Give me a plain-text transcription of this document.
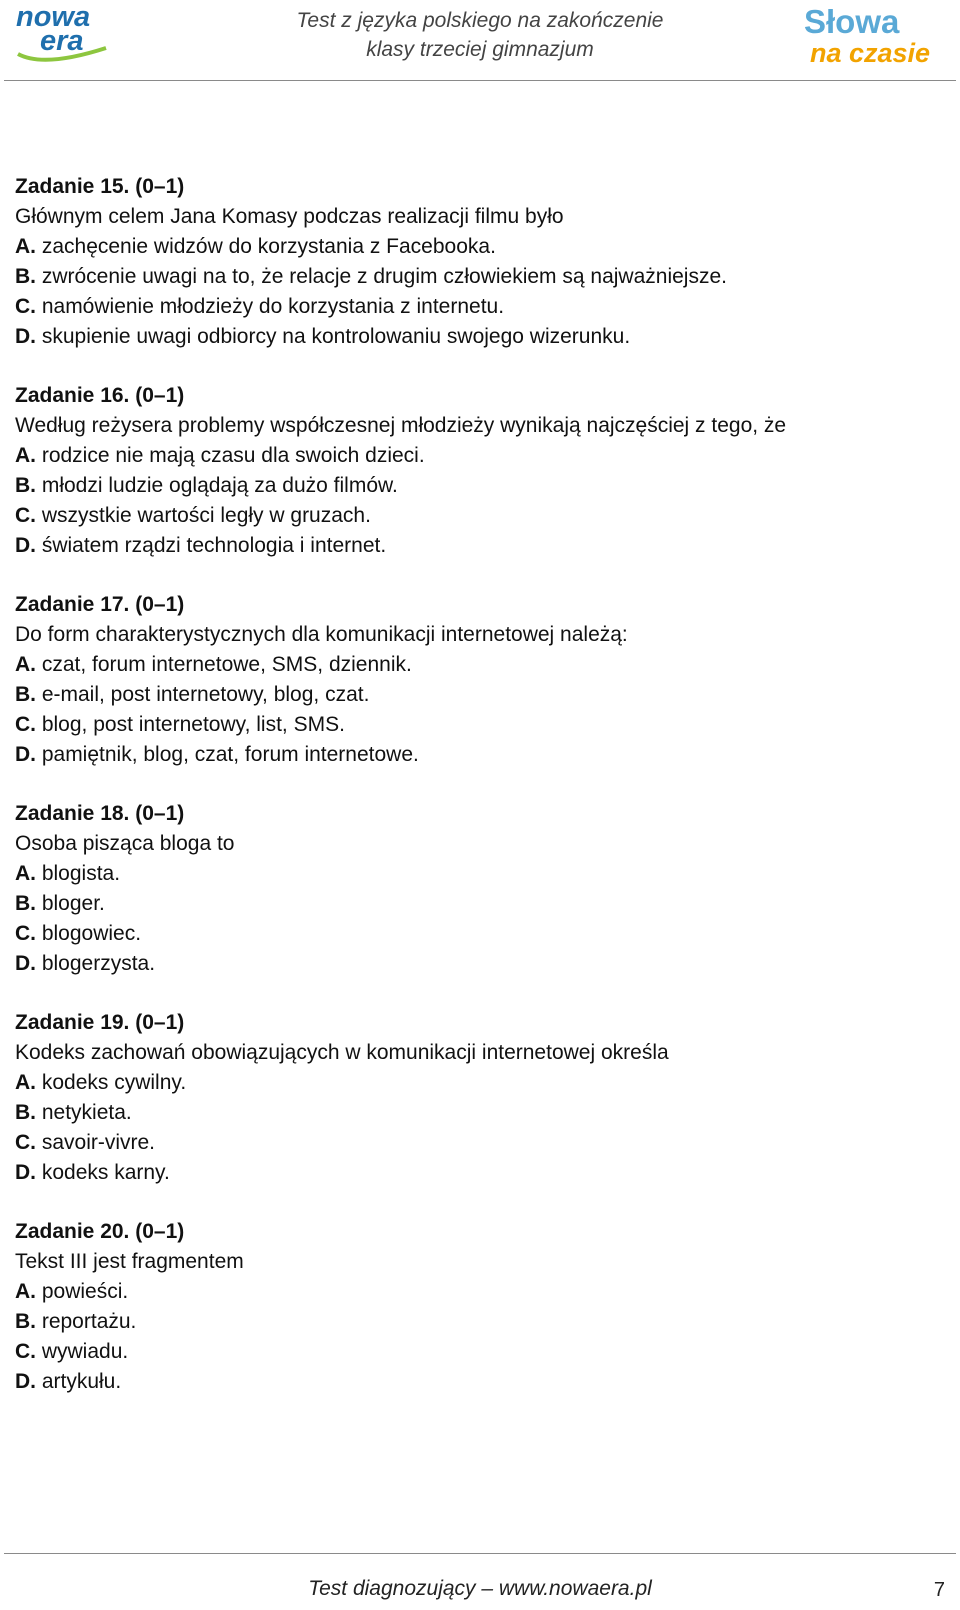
nowa
era
Test z języka polskiego na zakończenie
klasy trzeciej gimnazjum
Słowa
na czasie
Zadanie 15. (0–1)
Głównym celem Jana Komasy podczas realizacji filmu było
A. zachęcenie widzów do korzystania z Facebooka.
B. zwrócenie uwagi na to, że relacje z drugim człowiekiem są najważniejsze.
C. namówienie młodzieży do korzystania z internetu.
D. skupienie uwagi odbiorcy na kontrolowaniu swojego wizerunku.
Zadanie 16. (0–1)
Według reżysera problemy współczesnej młodzieży wynikają najczęściej z tego, że
A. rodzice nie mają czasu dla swoich dzieci.
B. młodzi ludzie oglądają za dużo filmów.
C. wszystkie wartości legły w gruzach.
D. światem rządzi technologia i internet.
Zadanie 17. (0–1)
Do form charakterystycznych dla komunikacji internetowej należą:
A. czat, forum internetowe, SMS, dziennik.
B. e-mail, post internetowy, blog, czat.
C. blog, post internetowy, list, SMS.
D. pamiętnik, blog, czat, forum internetowe.
Zadanie 18. (0–1)
Osoba pisząca bloga to
A. blogista.
B. bloger.
C. blogowiec.
D. blogerzysta.
Zadanie 19. (0–1)
Kodeks zachowań obowiązujących w komunikacji internetowej określa
A. kodeks cywilny.
B. netykieta.
C. savoir-vivre.
D. kodeks karny.
Zadanie 20. (0–1)
Tekst III jest fragmentem
A. powieści.
B. reportażu.
C. wywiadu.
D. artykułu.
Test diagnozujący – www.nowaera.pl	7
